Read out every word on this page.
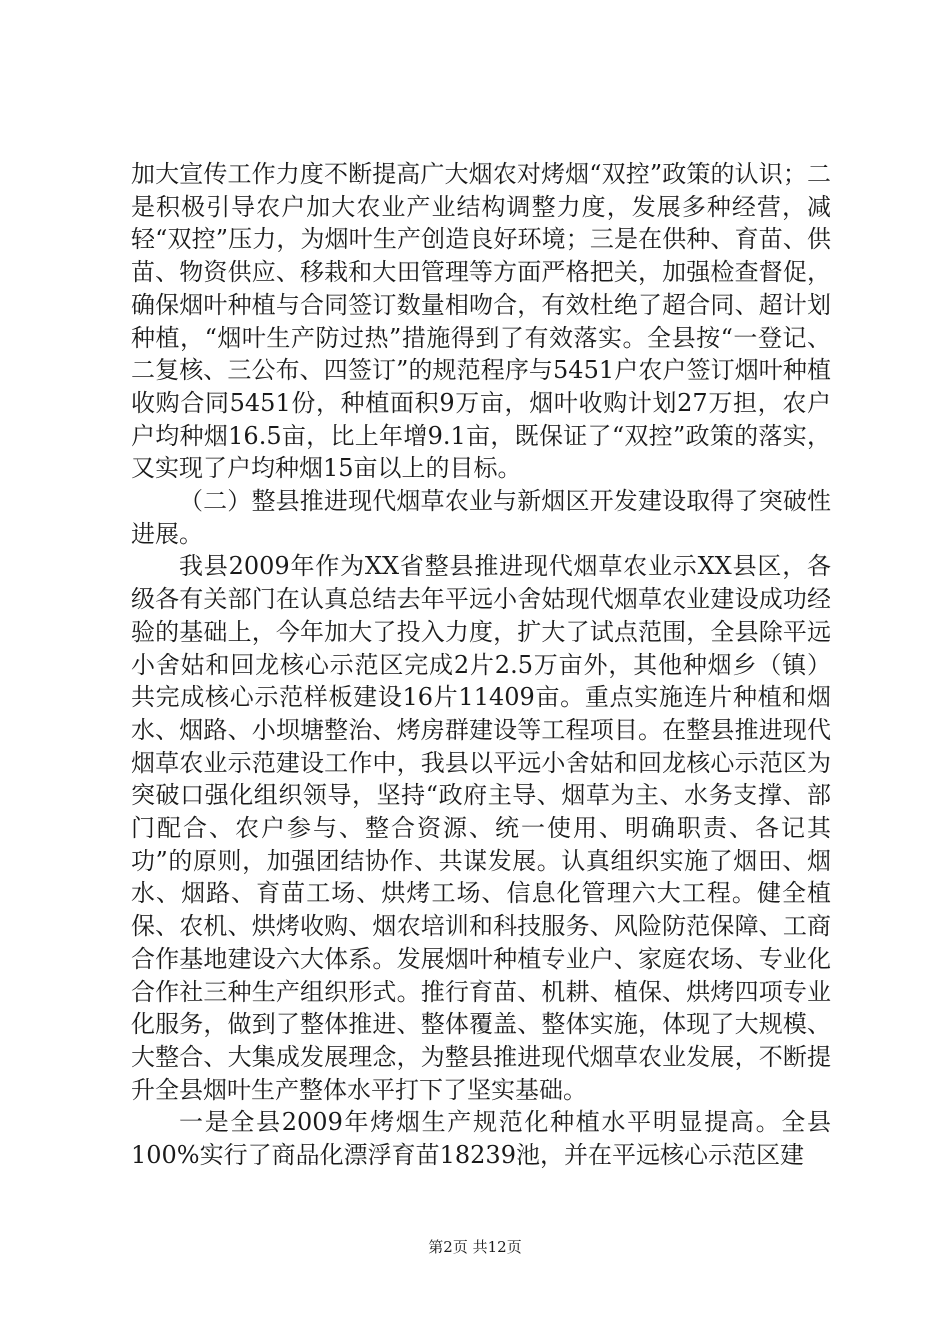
加大宣传工作力度不断提高广大烟农对烤烟“双控”政策的认识；二是积极引导农户加大农业产业结构调整力度，发展多种经营，减轻“双控”压力，为烟叶生产创造良好环境；三是在供种、育苗、供苗、物资供应、移栽和大田管理等方面严格把关，加强检查督促，确保烟叶种植与合同签订数量相吻合，有效杜绝了超合同、超计划种植，“烟叶生产防过热”措施得到了有效落实。全县按“一登记、二复核、三公布、四签订”的规范程序与5451户农户签订烟叶种植收购合同5451份，种植面积9万亩，烟叶收购计划27万担，农户户均种烟16.5亩，比上年增9.1亩，既保证了“双控”政策的落实，又实现了户均种烟15亩以上的目标。

（二）整县推进现代烟草农业与新烟区开发建设取得了突破性进展。

我县2009年作为XX省整县推进现代烟草农业示XX县区，各级各有关部门在认真总结去年平远小舍姑现代烟草农业建设成功经验的基础上，今年加大了投入力度，扩大了试点范围，全县除平远小舍姑和回龙核心示范区完成2片2.5万亩外，其他种烟乡（镇）共完成核心示范样板建设16片11409亩。重点实施连片种植和烟水、烟路、小坝塘整治、烤房群建设等工程项目。在整县推进现代烟草农业示范建设工作中，我县以平远小舍姑和回龙核心示范区为突破口强化组织领导，坚持“政府主导、烟草为主、水务支撑、部门配合、农户参与、整合资源、统一使用、明确职责、各记其功”的原则，加强团结协作、共谋发展。认真组织实施了烟田、烟水、烟路、育苗工场、烘烤工场、信息化管理六大工程。健全植保、农机、烘烤收购、烟农培训和科技服务、风险防范保障、工商合作基地建设六大体系。发展烟叶种植专业户、家庭农场、专业化合作社三种生产组织形式。推行育苗、机耕、植保、烘烤四项专业化服务，做到了整体推进、整体覆盖、整体实施，体现了大规模、大整合、大集成发展理念，为整县推进现代烟草农业发展，不断提升全县烟叶生产整体水平打下了坚实基础。

一是全县2009年烤烟生产规范化种植水平明显提高。全县100%实行了商品化漂浮育苗18239池，并在平远核心示范区建

第2页 共12页
